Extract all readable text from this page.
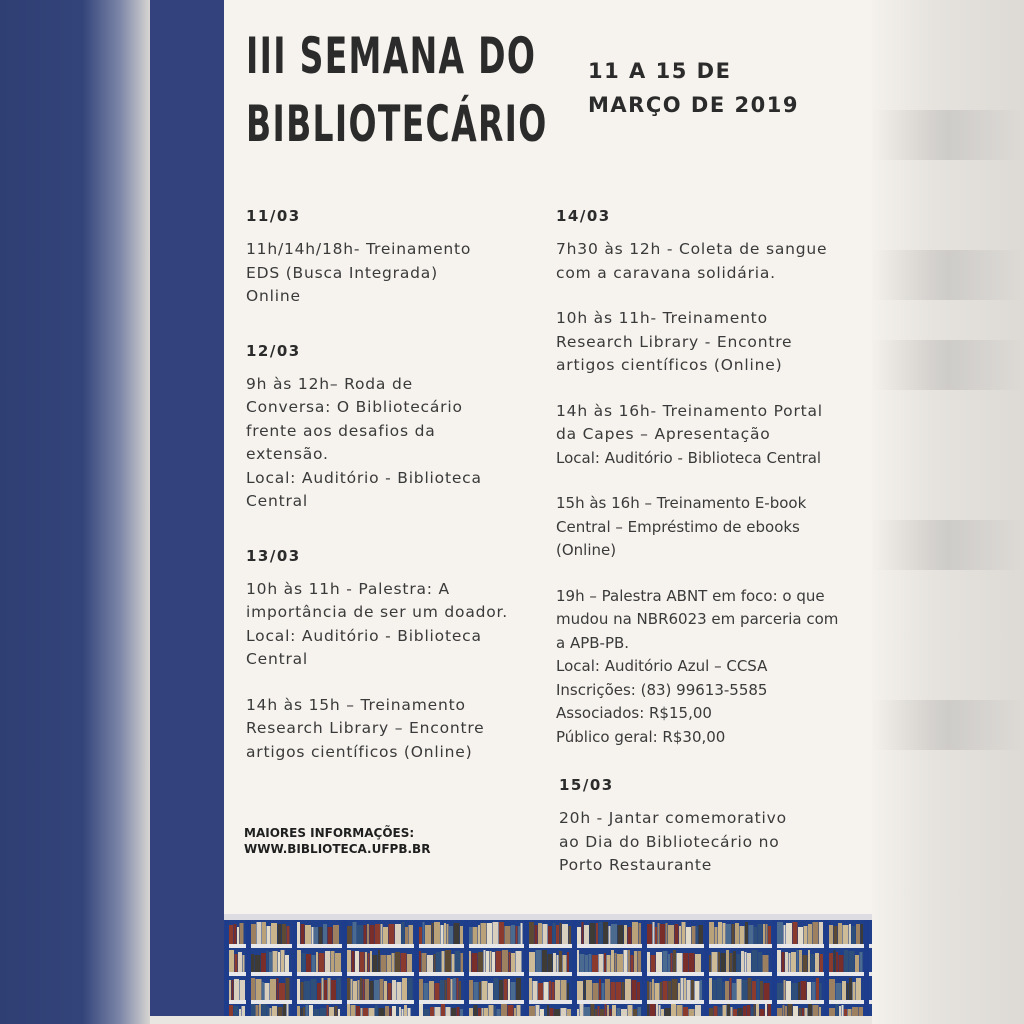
III SEMANA DO
BIBLIOTECÁRIO
11 A 15 DE
MARÇO DE 2019
11/03

11h/14h/18h- Treinamento
EDS (Busca Integrada)
Online

12/03

9h às 12h– Roda de
Conversa: O Bibliotecário
frente aos desafios da
extensão.
Local: Auditório - Biblioteca
Central

13/03

10h às 11h - Palestra: A
importância de ser um doador.
Local: Auditório - Biblioteca
Central

14h às 15h – Treinamento
Research Library – Encontre
artigos científicos (Online)

14/03

7h30 às 12h - Coleta de sangue
com a caravana solidária.

10h às 11h- Treinamento
Research Library - Encontre
artigos científicos (Online)

14h às 16h- Treinamento Portal
da Capes – Apresentação

Local: Auditório - Biblioteca Central

15h às 16h – Treinamento E-book
Central – Empréstimo de ebooks
(Online)

19h – Palestra ABNT em foco: o que
mudou na NBR6023 em parceria com
a APB-PB.
Local: Auditório Azul – CCSA
Inscrições: (83) 99613-5585
Associados: R$15,00
Público geral: R$30,00

15/03

20h - Jantar comemorativo
ao Dia do Bibliotecário no
Porto Restaurante

MAIORES INFORMAÇÕES:
WWW.BIBLIOTECA.UFPB.BR
